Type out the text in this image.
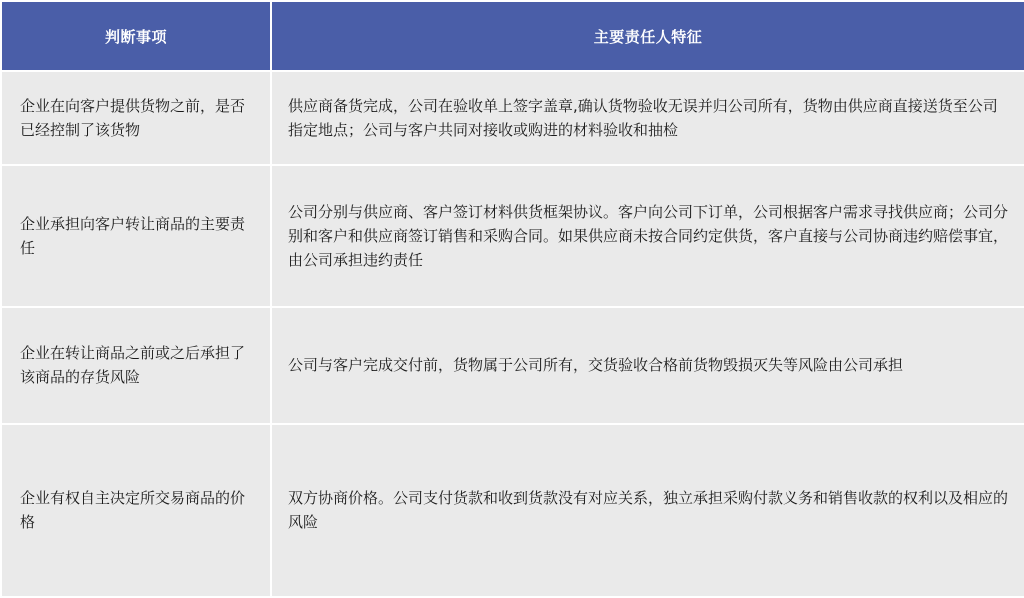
判断事项	主要责任人特征
企业在向客户提供货物之前，是否已经控制了该货物	供应商备货完成，公司在验收单上签字盖章,确认货物验收无误并归公司所有，货物由供应商直接送货至公司指定地点；公司与客户共同对接收或购进的材料验收和抽检
企业承担向客户转让商品的主要责任	公司分别与供应商、客户签订材料供货框架协议。客户向公司下订单，公司根据客户需求寻找供应商；公司分别和客户和供应商签订销售和采购合同。如果供应商未按合同约定供货，客户直接与公司协商违约赔偿事宜，由公司承担违约责任
企业在转让商品之前或之后承担了该商品的存货风险	公司与客户完成交付前，货物属于公司所有，交货验收合格前货物毁损灭失等风险由公司承担
企业有权自主决定所交易商品的价格	双方协商价格。公司支付货款和收到货款没有对应关系，独立承担采购付款义务和销售收款的权利以及相应的风险
